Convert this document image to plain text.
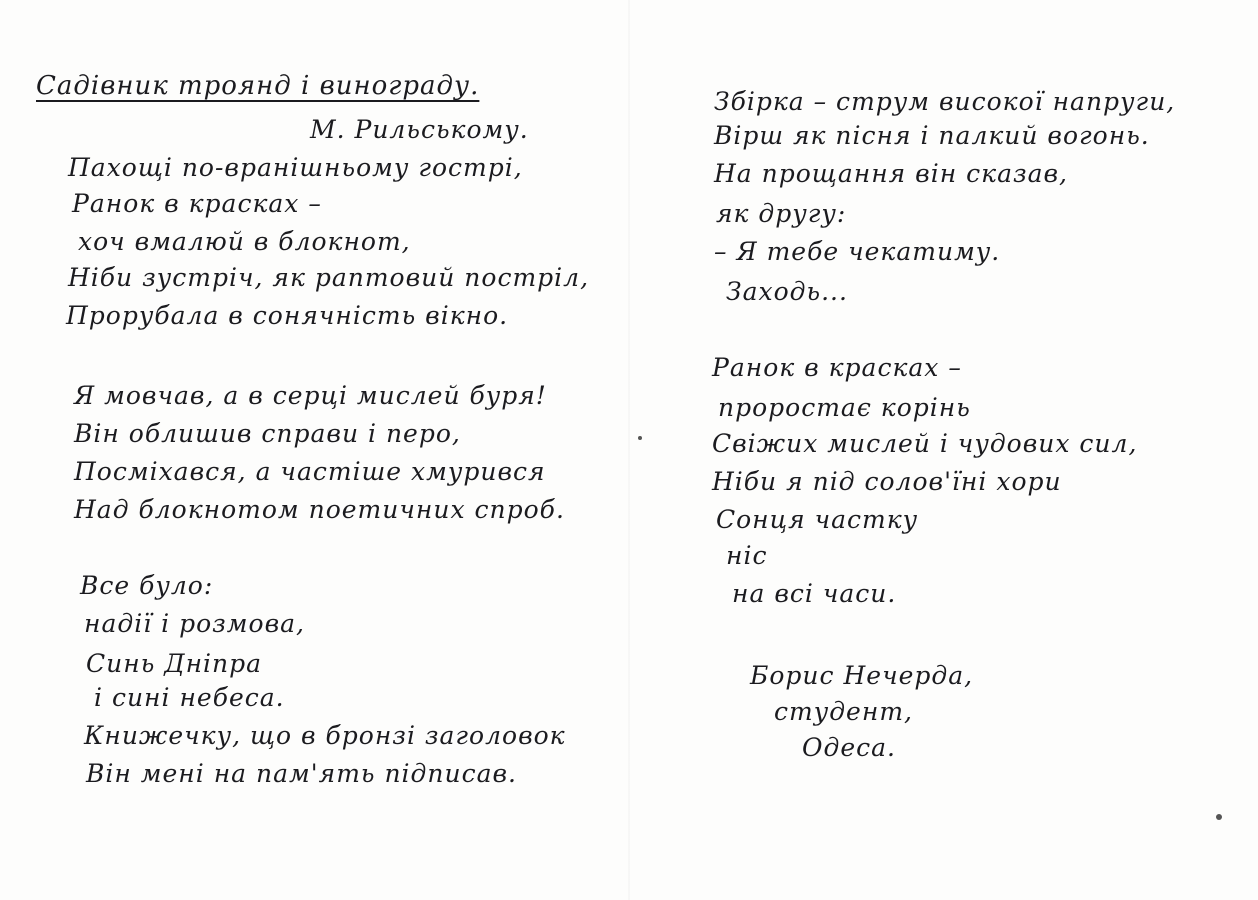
Садівник троянд і винограду.
М. Рильському.
Пахощі по-вранішньому гострі,
Ранок в красках –
хоч вмалюй в блокнот,
Ніби зустріч, як раптовий постріл,
Прорубала в сонячність вікно.
Я мовчав, а в серці мислей буря!
Він облишив справи і перо,
Посміхався, а частіше хмурився
Над блокнотом поетичних спроб.
Все було:
надії і розмова,
Синь Дніпра
і сині небеса.
Книжечку, що в бронзі заголовок
Він мені на пам'ять підписав.
Збірка – струм високої напруги,
Вірш як пісня і палкий вогонь.
На прощання він сказав,
як другу:
– Я тебе чекатиму.
Заходь...
Ранок в красках –
проростає корінь
Свіжих мислей і чудових сил,
Ніби я під солов'їні хори
Сонця частку
ніс
на всі часи.
Борис Нечерда,
студент,
Одеса.
